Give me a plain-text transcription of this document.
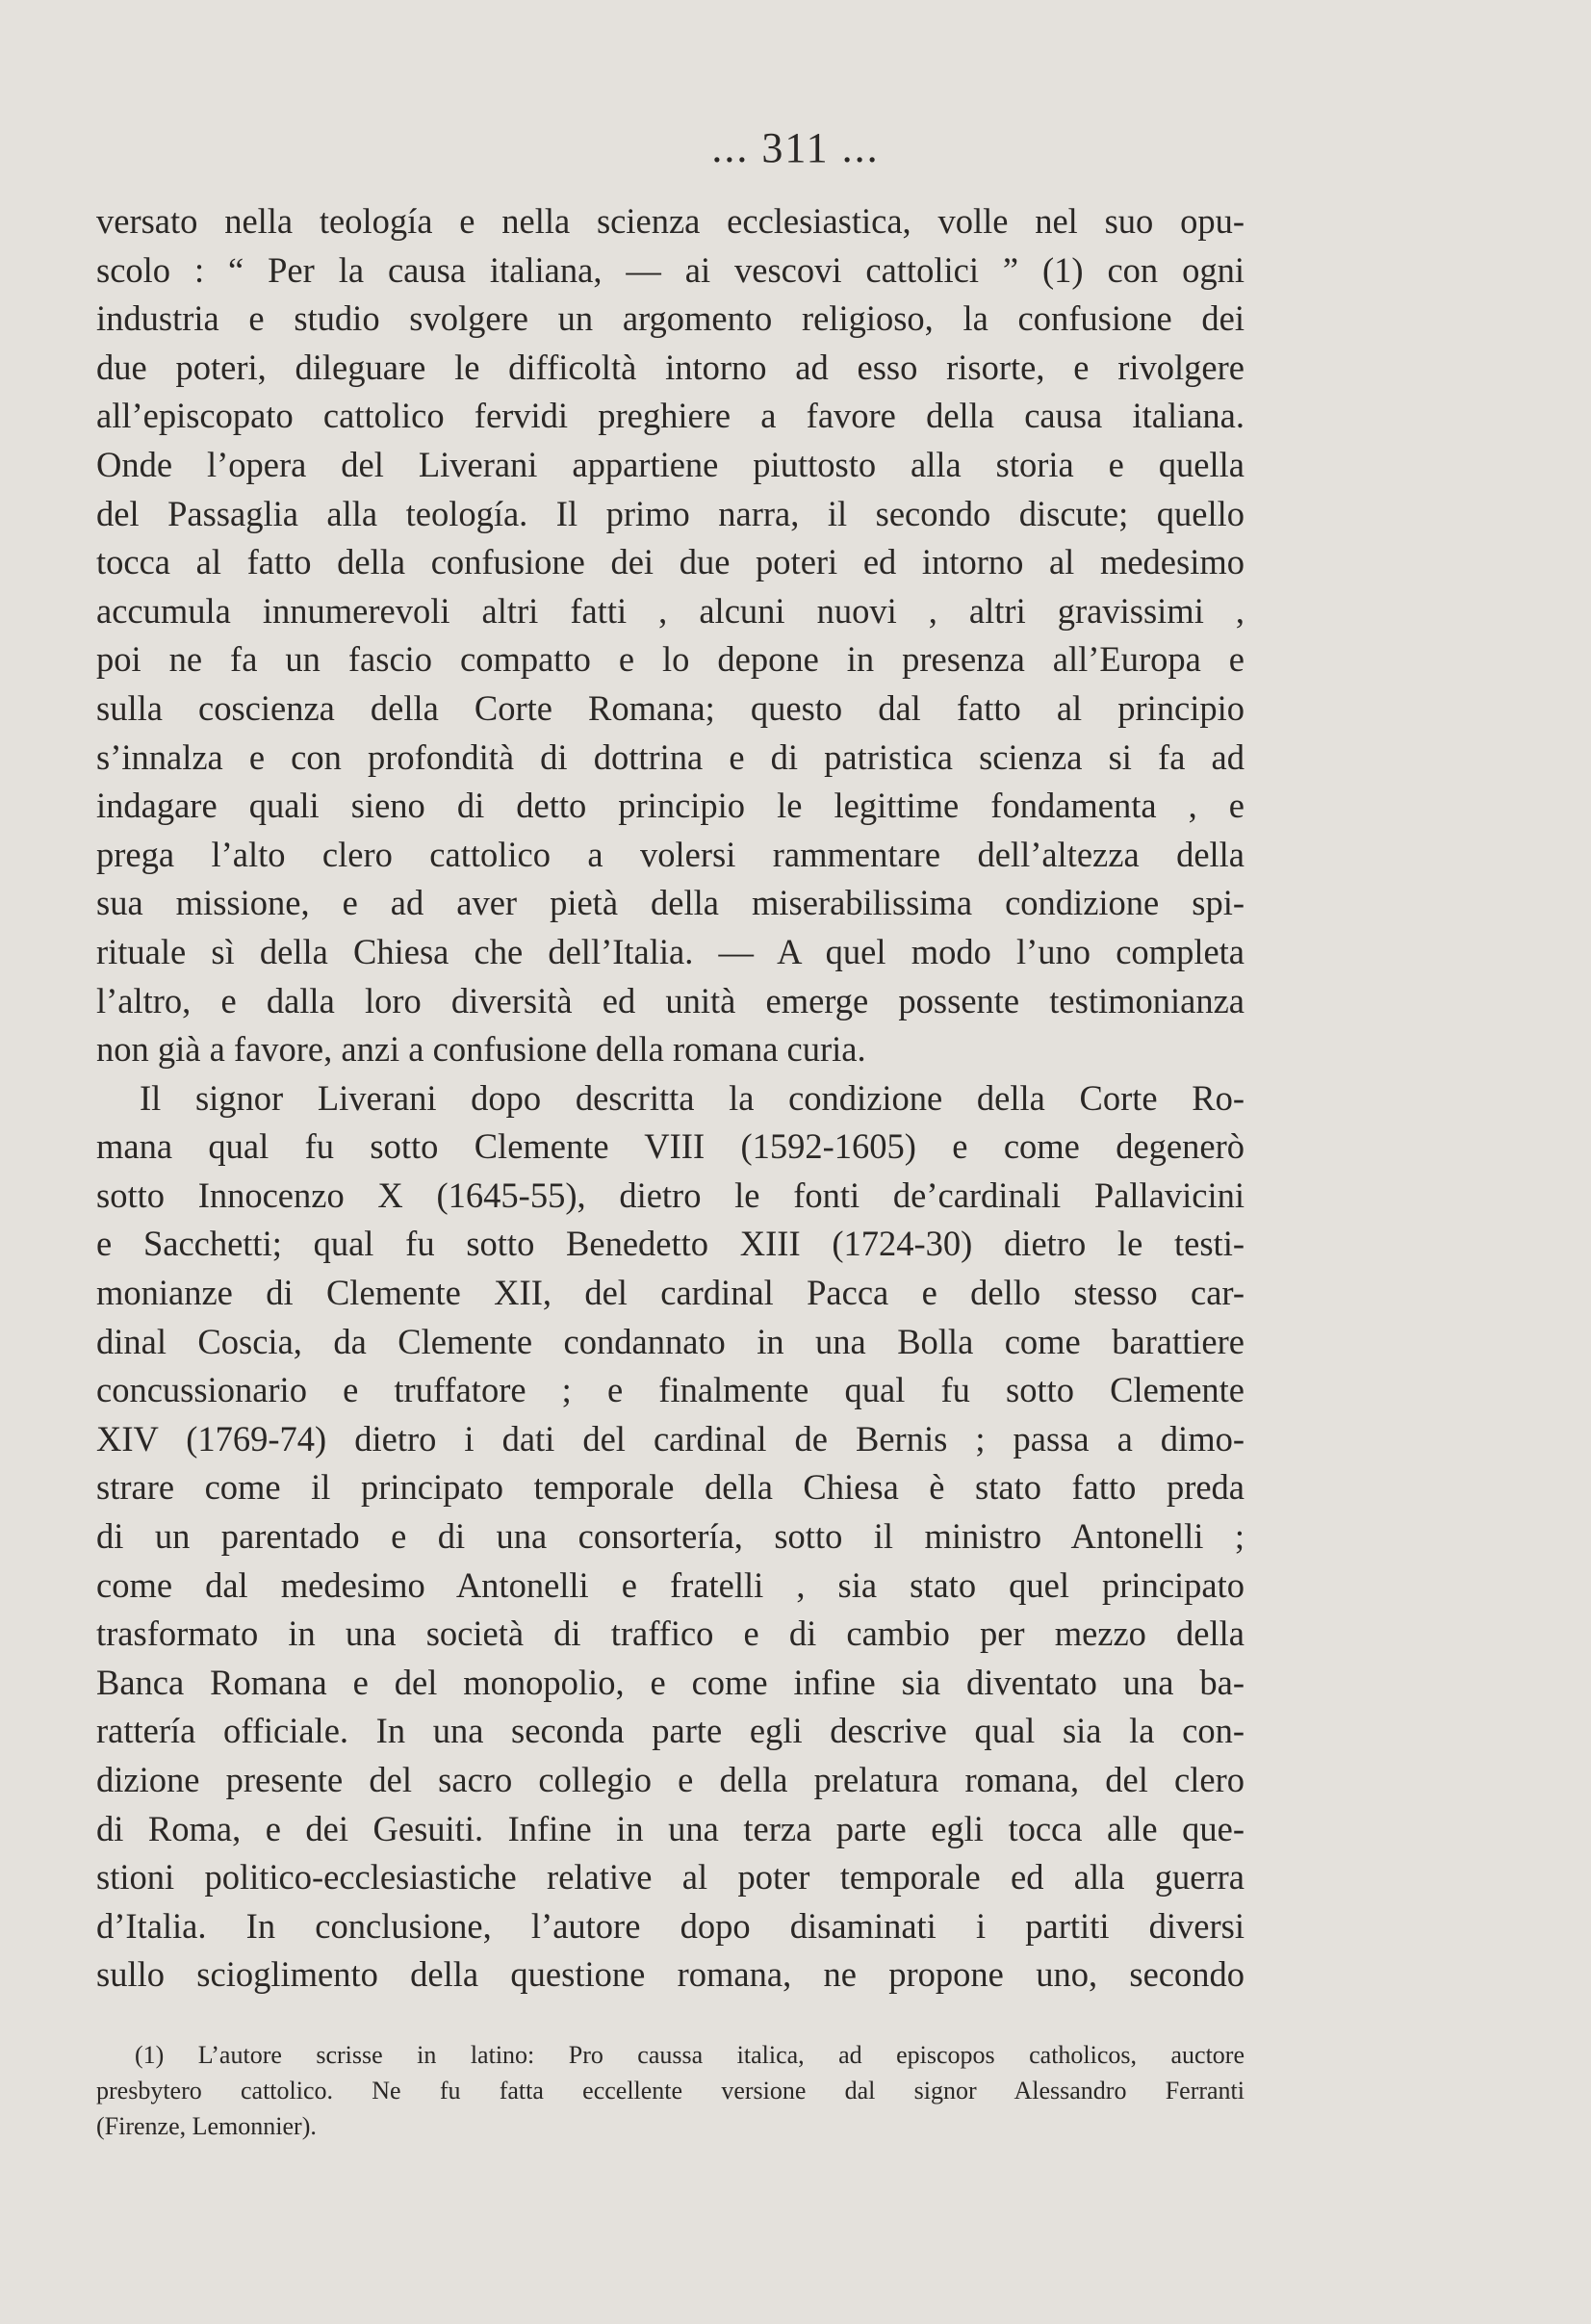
... 311 ...
versato nella teología e nella scienza ecclesiastica, volle nel suo opu-
scolo : “ Per la causa italiana, — ai vescovi cattolici ” (1) con ogni
industria e studio svolgere un argomento religioso, la confusione dei
due poteri, dileguare le difficoltà intorno ad esso risorte, e rivolgere
all’episcopato cattolico fervidi preghiere a favore della causa italiana.
Onde l’opera del Liverani appartiene piuttosto alla storia e quella
del Passaglia alla teología. Il primo narra, il secondo discute; quello
tocca al fatto della confusione dei due poteri ed intorno al medesimo
accumula innumerevoli altri fatti , alcuni nuovi , altri gravissimi ,
poi ne fa un fascio compatto e lo depone in presenza all’Europa e
sulla coscienza della Corte Romana; questo dal fatto al principio
s’innalza e con profondità di dottrina e di patristica scienza si fa ad
indagare quali sieno di detto principio le legittime fondamenta , e
prega l’alto clero cattolico a volersi rammentare dell’altezza della
sua missione, e ad aver pietà della miserabilissima condizione spi-
rituale sì della Chiesa che dell’Italia. — A quel modo l’uno completa
l’altro, e dalla loro diversità ed unità emerge possente testimonianza
non già a favore, anzi a confusione della romana curia.
Il signor Liverani dopo descritta la condizione della Corte Ro-
mana qual fu sotto Clemente VIII (1592-1605) e come degenerò
sotto Innocenzo X (1645-55), dietro le fonti de’cardinali Pallavicini
e Sacchetti; qual fu sotto Benedetto XIII (1724-30) dietro le testi-
monianze di Clemente XII, del cardinal Pacca e dello stesso car-
dinal Coscia, da Clemente condannato in una Bolla come barattiere
concussionario e truffatore ; e finalmente qual fu sotto Clemente
XIV (1769-74) dietro i dati del cardinal de Bernis ; passa a dimo-
strare come il principato temporale della Chiesa è stato fatto preda
di un parentado e di una consortería, sotto il ministro Antonelli ;
come dal medesimo Antonelli e fratelli , sia stato quel principato
trasformato in una società di traffico e di cambio per mezzo della
Banca Romana e del monopolio, e come infine sia diventato una ba-
rattería officiale. In una seconda parte egli descrive qual sia la con-
dizione presente del sacro collegio e della prelatura romana, del clero
di Roma, e dei Gesuiti. Infine in una terza parte egli tocca alle que-
stioni politico-ecclesiastiche relative al poter temporale ed alla guerra
d’Italia. In conclusione, l’autore dopo disaminati i partiti diversi
sullo scioglimento della questione romana, ne propone uno, secondo
(1) L’autore scrisse in latino: Pro caussa italica, ad episcopos catholicos, auctore
presbytero cattolico. Ne fu fatta eccellente versione dal signor Alessandro Ferranti
(Firenze, Lemonnier).
